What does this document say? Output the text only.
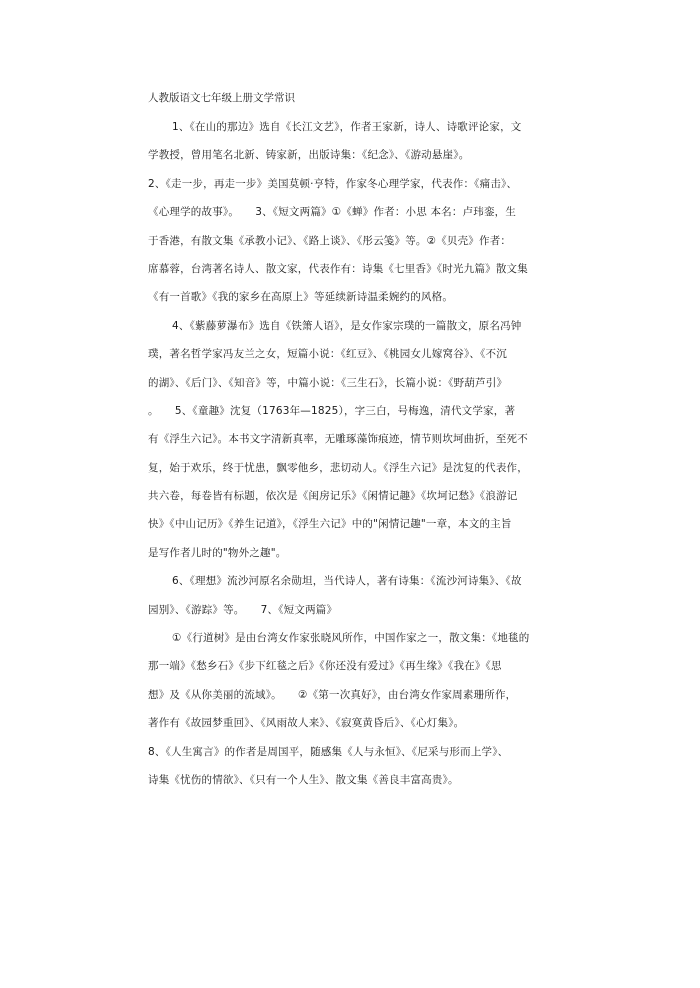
人教版语文七年级上册文学常识
1、《在山的那边》选自《长江文艺》，作者王家新，诗人、诗歌评论家，文
学教授，曾用笔名北新、铸家新，出版诗集：《纪念》、《游动悬崖》。
2、《走一步，再走一步》美国莫顿·亨特，作家冬心理学家，代表作：《痛击》、
《心理学的故事》。　　3、《短文两篇》①《蝉》作者：小思 本名：卢玮銮，生
于香港，有散文集《承教小记》、《路上谈》、《彤云笺》等。②《贝壳》作者：
席慕蓉，台湾著名诗人、散文家，代表作有：诗集《七里香》《时光九篇》散文集
《有一首歌》《我的家乡在高原上》等延续新诗温柔婉约的风格。
4、《紫藤萝瀑布》选自《铁箫人语》，是女作家宗璞的一篇散文，原名冯钟
璞，著名哲学家冯友兰之女，短篇小说：《红豆》、《桃园女儿嫁窝谷》、《不沉
的湖》、《后门》、《知音》等，中篇小说：《三生石》，长篇小说：《野葫芦引》
。　　5、《童趣》沈复（1763年—1825），字三白，号梅逸，清代文学家，著
有《浮生六记》。本书文字清新真率，无雕琢藻饰痕迹，情节则坎坷曲折，至死不
复，始于欢乐，终于忧患，飘零他乡，悲切动人。《浮生六记》是沈复的代表作，
共六卷，每卷皆有标题，依次是《闺房记乐》《闲情记趣》《坎坷记愁》《浪游记
快》《中山记历》《养生记道》，《浮生六记》中的"闲情记趣"一章，本文的主旨
是写作者儿时的"物外之趣"。
6、《理想》流沙河原名余勋坦，当代诗人，著有诗集：《流沙河诗集》、《故
园别》、《游踪》等。　　7、《短文两篇》
①《行道树》是由台湾女作家张晓风所作，中国作家之一，散文集：《地毯的
那一端》《愁乡石》《步下红毯之后》《你还没有爱过》《再生缘》《我在》《思
想》及《从你美丽的流域》。　　②《第一次真好》，由台湾女作家周素珊所作，
著作有《故园梦重回》、《风雨故人来》、《寂寞黄昏后》、《心灯集》。
8、《人生寓言》的作者是周国平，随感集《人与永恒》、《尼采与形而上学》、
诗集《忧伤的情欲》、《只有一个人生》、散文集《善良丰富高贵》。
